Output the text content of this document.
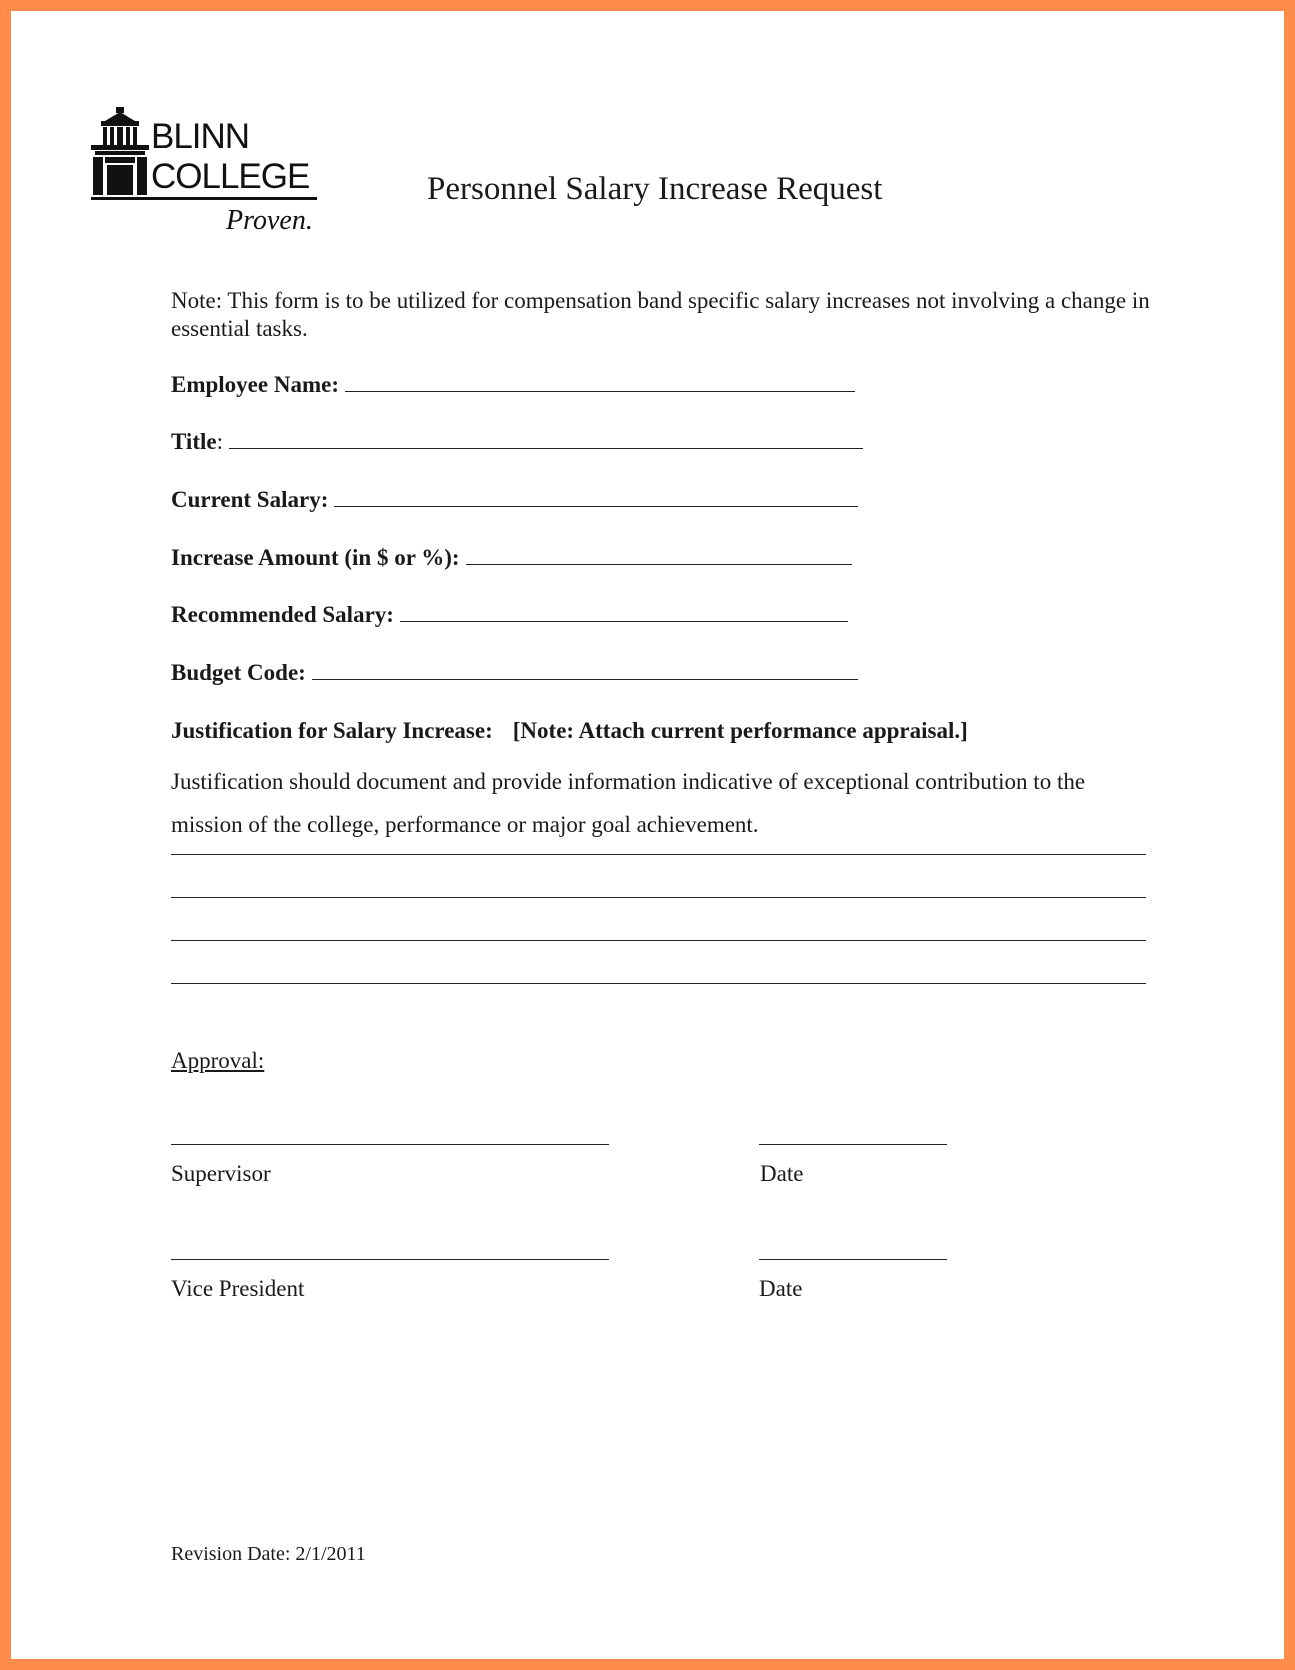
BLINN
COLLEGE
Proven.
Personnel Salary Increase Request
Note: This form is to be utilized for compensation band specific salary increases not involving a change in essential tasks.
Employee Name:
Title:
Current Salary:
Increase Amount (in $ or %):
Recommended Salary:
Budget Code:
Justification for Salary Increase: [Note: Attach current performance appraisal.]
Justification should document and provide information indicative of exceptional contribution to the mission of the college, performance or major goal achievement.
Approval:
Supervisor	Date
Vice President	Date
Revision Date: 2/1/2011
